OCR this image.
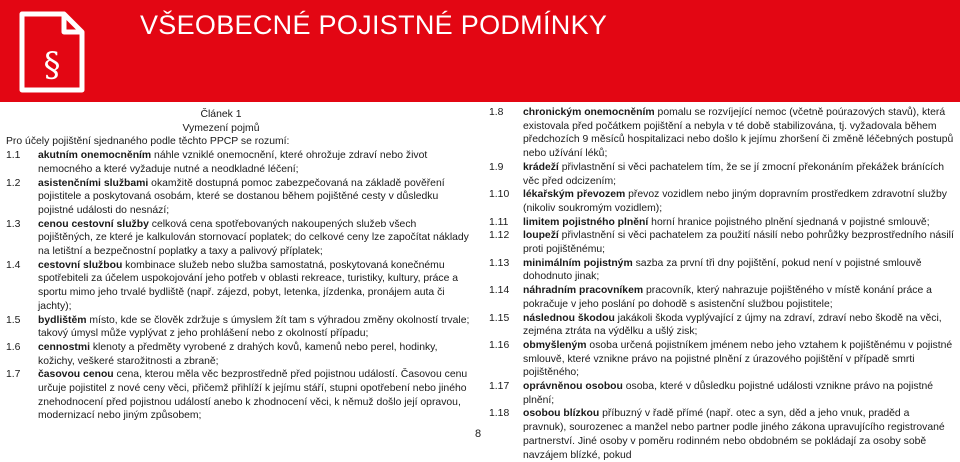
§
VŠEOBECNÉ POJISTNÉ PODMÍNKY
Článek 1
Vymezení pojmů
Pro účely pojištění sjednaného podle těchto PPCP se rozumí:
1.1	akutním onemocněním náhle vzniklé onemocnění, které ohrožuje zdraví nebo život nemocného a které vyžaduje nutné a neodkladné léčení;
1.2	asistenčními službami okamžitě dostupná pomoc zabezpečovaná na základě pověření pojistitele a poskytovaná osobám, které se dostanou během pojištěné cesty v důsledku pojistné události do nesnází;
1.3	cenou cestovní služby celková cena spotřebovaných nakoupených služeb všech pojištěných, ze které je kalkulován stornovací poplatek; do celkové ceny lze započítat náklady na letištní a bezpečnostní poplatky a taxy a palivový příplatek;
1.4	cestovní službou kombinace služeb nebo služba samostatná, poskytovaná konečnému spotřebiteli za účelem uspokojování jeho potřeb v oblasti rekreace, turistiky, kultury, práce a sportu mimo jeho trvalé bydliště (např. zájezd, pobyt, letenka, jízdenka, pronájem auta či jachty);
1.5	bydlištěm místo, kde se člověk zdržuje s úmyslem žít tam s výhradou změny okolností trvale; takový úmysl může vyplývat z jeho prohlášení nebo z okolností případu;
1.6	cennostmi klenoty a předměty vyrobené z drahých kovů, kamenů nebo perel, hodinky, kožichy, veškeré starožitnosti a zbraně;
1.7	časovou cenou cena, kterou měla věc bezprostředně před pojistnou událostí. Časovou cenu určuje pojistitel z nové ceny věci, přičemž přihlíží k jejímu stáří, stupni opotřebení nebo jiného znehodnocení před pojistnou událostí anebo k zhodnocení věci, k němuž došlo její opravou, modernizací nebo jiným způsobem;
1.8	chronickým onemocněním pomalu se rozvíjející nemoc (včetně poúrazových stavů), která existovala před počátkem pojištění a nebyla v té době stabilizována, tj. vyžadovala během předchozích 9 měsíců hospitalizaci nebo došlo k jejímu zhoršení či změně léčebných postupů nebo užívání léků;
1.9	krádeží přivlastnění si věci pachatelem tím, že se jí zmocní překonáním překážek bránících věc před odcizením;
1.10	lékařským převozem převoz vozidlem nebo jiným dopravním prostředkem zdravotní služby (nikoliv soukromým vozidlem);
1.11	limitem pojistného plnění horní hranice pojistného plnění sjednaná v pojistné smlouvě;
1.12	loupeží přivlastnění si věci pachatelem za použití násilí nebo pohrůžky bezprostředního násilí proti pojištěnému;
1.13	minimálním pojistným sazba za první tři dny pojištění, pokud není v pojistné smlouvě dohodnuto jinak;
1.14	náhradním pracovníkem pracovník, který nahrazuje pojištěného v místě konání práce a pokračuje v jeho poslání po dohodě s asistenční službou pojistitele;
1.15	následnou škodou jakákoli škoda vyplývající z újmy na zdraví, zdraví nebo škodě na věci, zejména ztráta na výdělku a ušlý zisk;
1.16	obmyšleným osoba určená pojistníkem jménem nebo jeho vztahem k pojištěnému v pojistné smlouvě, které vznikne právo na pojistné plnění z úrazového pojištění v případě smrti pojištěného;
1.17	oprávněnou osobou osoba, které v důsledku pojistné události vznikne právo na pojistné plnění;
1.18	osobou blízkou příbuzný v řadě přímé (např. otec a syn, děd a jeho vnuk, praděd a pravnuk), sourozenec a manžel nebo partner podle jiného zákona upravujícího registrované partnerství. Jiné osoby v poměru rodinném nebo obdobném se pokládají za osoby sobě navzájem blízké, pokud
8
